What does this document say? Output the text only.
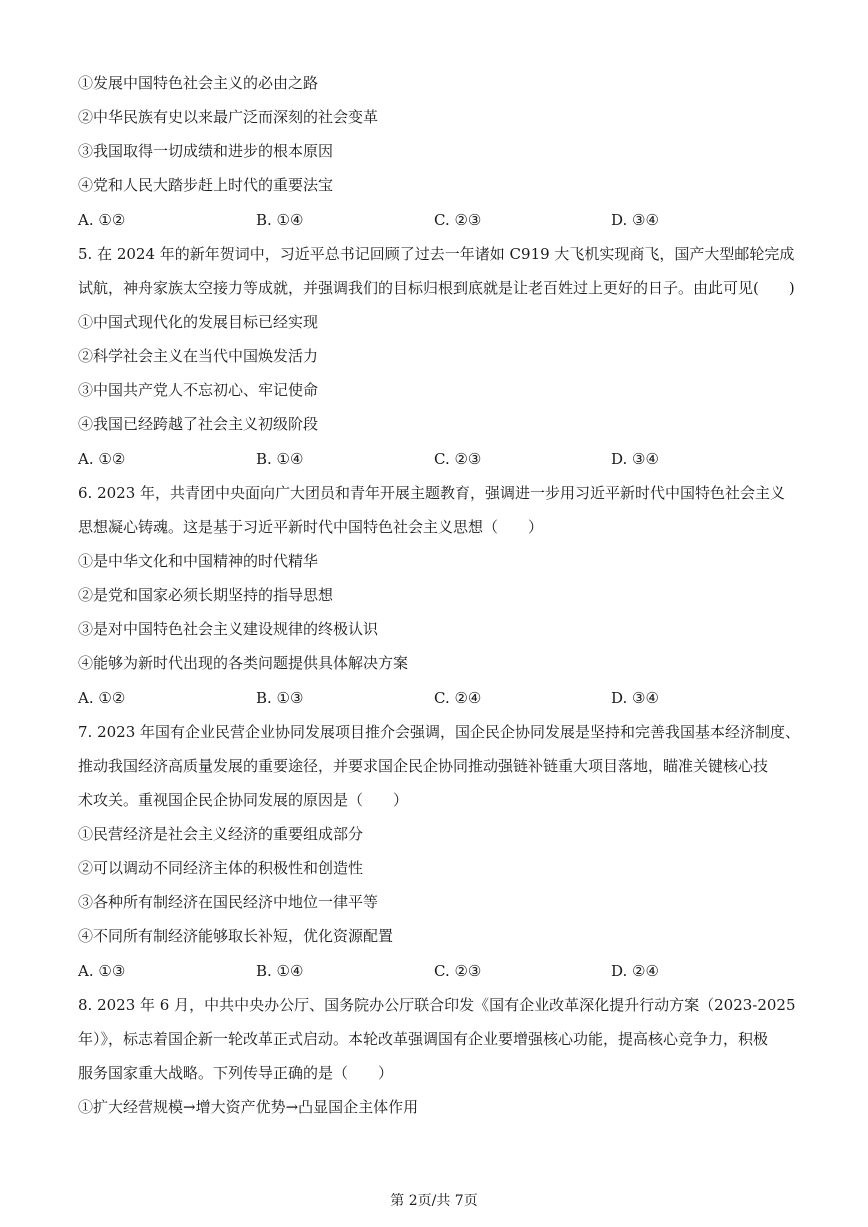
①发展中国特色社会主义的必由之路
②中华民族有史以来最广泛而深刻的社会变革
③我国取得一切成绩和进步的根本原因
④党和人民大踏步赶上时代的重要法宝
A. ①②	B. ①④	C. ②③	D. ③④
5. 在 2024 年的新年贺词中，习近平总书记回顾了过去一年诸如 C919 大飞机实现商飞，国产大型邮轮完成
试航，神舟家族太空接力等成就，并强调我们的目标归根到底就是让老百姓过上更好的日子。由此可见(　　)
①中国式现代化的发展目标已经实现
②科学社会主义在当代中国焕发活力
③中国共产党人不忘初心、牢记使命
④我国已经跨越了社会主义初级阶段
A. ①②	B. ①④	C. ②③	D. ③④
6. 2023 年，共青团中央面向广大团员和青年开展主题教育，强调进一步用习近平新时代中国特色社会主义
思想凝心铸魂。这是基于习近平新时代中国特色社会主义思想（　　）
①是中华文化和中国精神的时代精华
②是党和国家必须长期坚持的指导思想
③是对中国特色社会主义建设规律的终极认识
④能够为新时代出现的各类问题提供具体解决方案
A. ①②	B. ①③	C. ②④	D. ③④
7. 2023 年国有企业民营企业协同发展项目推介会强调，国企民企协同发展是坚持和完善我国基本经济制度、
推动我国经济高质量发展的重要途径，并要求国企民企协同推动强链补链重大项目落地，瞄准关键核心技
术攻关。重视国企民企协同发展的原因是（　　）
①民营经济是社会主义经济的重要组成部分
②可以调动不同经济主体的积极性和创造性
③各种所有制经济在国民经济中地位一律平等
④不同所有制经济能够取长补短，优化资源配置
A. ①③	B. ①④	C. ②③	D. ②④
8. 2023 年 6 月，中共中央办公厅、国务院办公厅联合印发《国有企业改革深化提升行动方案（2023-2025
年）》，标志着国企新一轮改革正式启动。本轮改革强调国有企业要增强核心功能，提高核心竞争力，积极
服务国家重大战略。下列传导正确的是（　　）
①扩大经营规模→增大资产优势→凸显国企主体作用
第 2页/共 7页
